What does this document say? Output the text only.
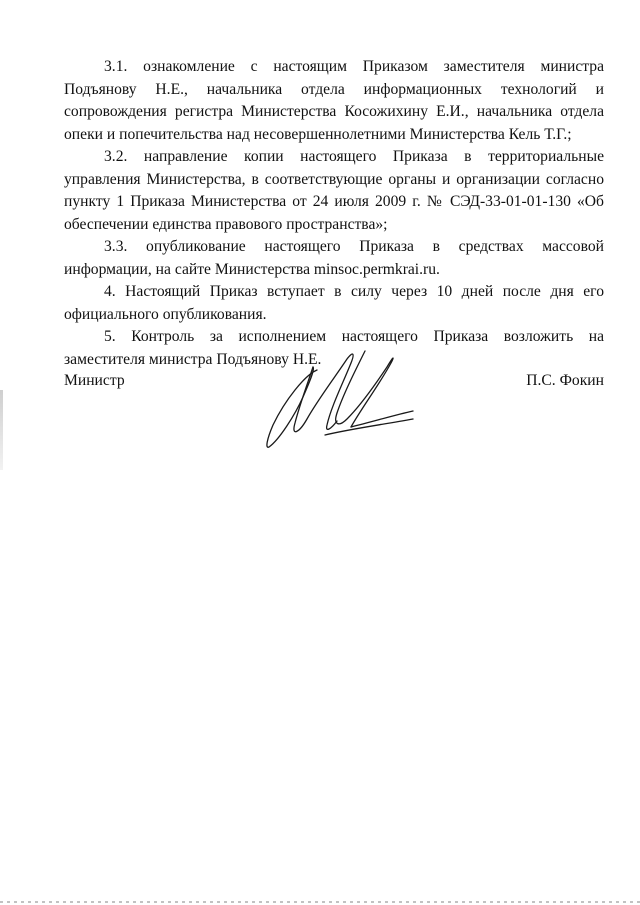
3.1. ознакомление с настоящим Приказом заместителя министра Подъянову Н.Е., начальника отдела информационных технологий и сопровождения регистра Министерства Косожихину Е.И., начальника отдела опеки и попечительства над несовершеннолетними Министерства Кель Т.Г.;

3.2. направление копии настоящего Приказа в территориальные управления Министерства, в соответствующие органы и организации согласно пункту 1 Приказа Министерства от 24 июля 2009 г. № СЭД-33-01-01-130 «Об обеспечении единства правового пространства»;

3.3. опубликование настоящего Приказа в средствах массовой информации, на сайте Министерства minsoc.permkrai.ru.

4. Настоящий Приказ вступает в силу через 10 дней после дня его официального опубликования.

5. Контроль за исполнением настоящего Приказа возложить на заместителя министра Подъянову Н.Е.

Министр	П.С. Фокин
